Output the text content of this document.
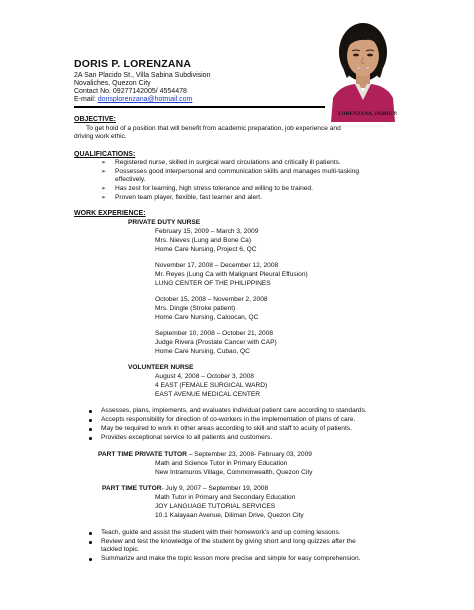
DORIS P. LORENZANA
2A San Placido St., Villa Sabina Subdivision
Novaliches, Quezon City
Contact No. 09277142005/ 4554478
E-mail: dorisplorenzana@hotmail.com
LORENZANA, DORIS P.
OBJECTIVE:
To get hold of a position that will benefit from academic preparation, job experience and
driving work ethic.
QUALIFICATIONS:
➢ Registered nurse, skilled in surgical ward circulations and critically ill patients.
➢ Possesses good interpersonal and communication skills and manages multi-tasking
effectively.
➢ Has zest for learning, high stress tolerance and willing to be trained.
➢ Proven team player, flexible, fast learner and alert.
WORK EXPERIENCE:
PRIVATE DUTY NURSE
February 15, 2009 – March 3, 2009
Mrs. Nieves (Lung and Bone Ca)
Home Care Nursing, Project 6, QC
November 17, 2008 – December 12, 2008
Mr. Reyes (Lung Ca with Malignant Pleural Effusion)
LUNG CENTER OF THE PHILIPPINES
October 15, 2008 – November 2, 2008
Mrs. Dingle (Stroke patient)
Home Care Nursing, Caloocan, QC
September 10, 2008 – October 21, 2008
Judge Rivera (Prostate Cancer with CAP)
Home Care Nursing, Cubao, QC
VOLUNTEER NURSE
August 4, 2008 – October 3, 2008
4 EAST (FEMALE SURGICAL WARD)
EAST AVENUE MEDICAL CENTER
Assesses, plans, implements, and evaluates individual patient care according to standards.
Accepts responsibility for direction of co-workers in the implementation of plans of care.
May be required to work in other areas according to skill and staff to acuity of patients.
Provides exceptional service to all patients and customers.
PART TIME PRIVATE TUTOR – September 23, 2008- February 03, 2009
Math and Science Tutor in Primary Education
New Intramuros Village, Commonwealth, Quezon City
PART TIME TUTOR- July 9, 2007 – September 19, 2008
Math Tutor in Primary and Secondary Education
JOY LANGUAGE TUTORIAL SERVICES
10.1 Kalayaan Avenue, Diliman Drive, Quezon City
Teach, guide and assist the student with their homework’s and up coming lessons.
Review and test the knowledge of the student by giving short and long quizzes after the
tackled topic.
Summarize and make the topic lesson more precise and simple for easy comprehension.
